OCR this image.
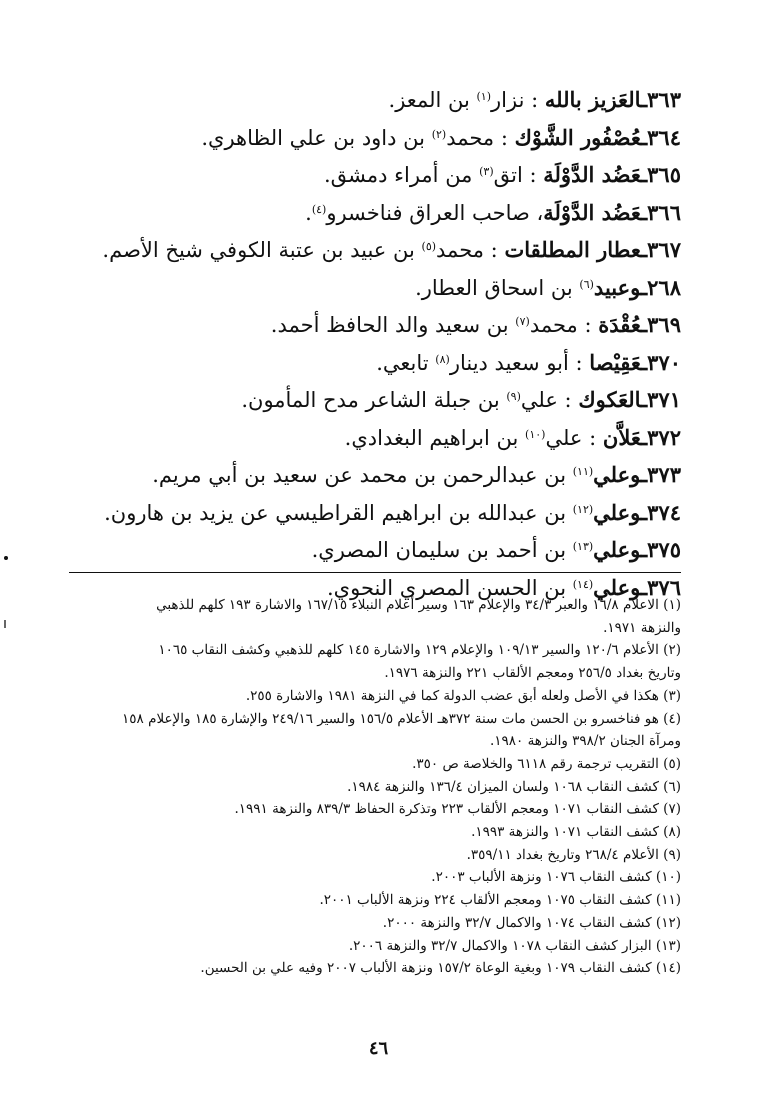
٣٦٣ـالعَزيز بالله : نزار$^{(١)}$ بن المعز.
٣٦٤ـعُصْفُور الشَّوْك : محمد$^{(٢)}$ بن داود بن علي الظاهري.
٣٦٥ـعَضُد الدَّوْلَة : اتق$^{(٣)}$ من أمراء دمشق.
٣٦٦ـعَضُد الدَّوْلَة، صاحب العراق فناخسرو$^{(٤)}$.
٣٦٧ـعطار المطلقات : محمد$^{(٥)}$ بن عبيد بن عتبة الكوفي شيخ الأصم.
٢٦٨ـوعبيد$^{(٦)}$ بن اسحاق العطار.
٣٦٩ـعُقْدَة : محمد$^{(٧)}$ بن سعيد والد الحافظ أحمد.
٣٧٠ـعَقِيْصا : أبو سعيد دينار$^{(٨)}$ تابعي.
٣٧١ـالعَكوك : علي$^{(٩)}$ بن جبلة الشاعر مدح المأمون.
٣٧٢ـعَلاَّن : علي$^{(١٠)}$ بن ابراهيم البغدادي.
٣٧٣ـوعلي$^{(١١)}$ بن عبدالرحمن بن محمد عن سعيد بن أبي مريم.
٣٧٤ـوعلي$^{(١٢)}$ بن عبدالله بن ابراهيم القراطيسي عن يزيد بن هارون.
٣٧٥ـوعلي$^{(١٣)}$ بن أحمد بن سليمان المصري.
٣٧٦ـوعلي$^{(١٤)}$ بن الحسن المصري النحوي.
(١) الاعلام ١٦/٨ والعبر ٣٤/٣ والإعلام ١٦٣ وسير أعلام النبلاء ١٦٧/١٥ والاشارة ١٩٣ كلهم للذهبي
والنزهة ١٩٧١.
(٢) الأعلام ١٢٠/٦ والسير ١٠٩/١٣ والإعلام ١٢٩ والاشارة ١٤٥ كلهم للذهبي وكشف النقاب ١٠٦٥
وتاريخ بغداد ٢٥٦/٥ ومعجم الألقاب ٢٢١ والنزهة ١٩٧٦.
(٣) هكذا في الأصل ولعله أبق عضب الدولة كما في النزهة ١٩٨١ والاشارة ٢٥٥.
(٤) هو فناخسرو بن الحسن مات سنة ٣٧٢هـ الأعلام ١٥٦/٥ والسير ٢٤٩/١٦ والإشارة ١٨٥ والإعلام ١٥٨
ومرآة الجنان ٣٩٨/٢ والنزهة ١٩٨٠.
(٥) التقريب ترجمة رقم ٦١١٨ والخلاصة ص ٣٥٠.
(٦) كشف النقاب ١٠٦٨ ولسان الميزان ١٣٦/٤ والنزهة ١٩٨٤.
(٧) كشف النقاب ١٠٧١ ومعجم الألقاب ٢٢٣ وتذكرة الحفاظ ٨٣٩/٣ والنزهة ١٩٩١.
(٨) كشف النقاب ١٠٧١ والنزهة ١٩٩٣.
(٩) الأعلام ٢٦٨/٤ وتاريخ بغداد ٣٥٩/١١.
(١٠) كشف النقاب ١٠٧٦ ونزهة الألباب ٢٠٠٣.
(١١) كشف النقاب ١٠٧٥ ومعجم الألقاب ٢٢٤ ونزهة الألباب ٢٠٠١.
(١٢) كشف النقاب ١٠٧٤ والاكمال ٣٢/٧ والنزهة ٢٠٠٠.
(١٣) البزار كشف النقاب ١٠٧٨ والاكمال ٣٢/٧ والنزهة ٢٠٠٦.
(١٤) كشف النقاب ١٠٧٩ وبغية الوعاة ١٥٧/٢ ونزهة الألباب ٢٠٠٧ وفيه علي بن الحسين.
٤٦
